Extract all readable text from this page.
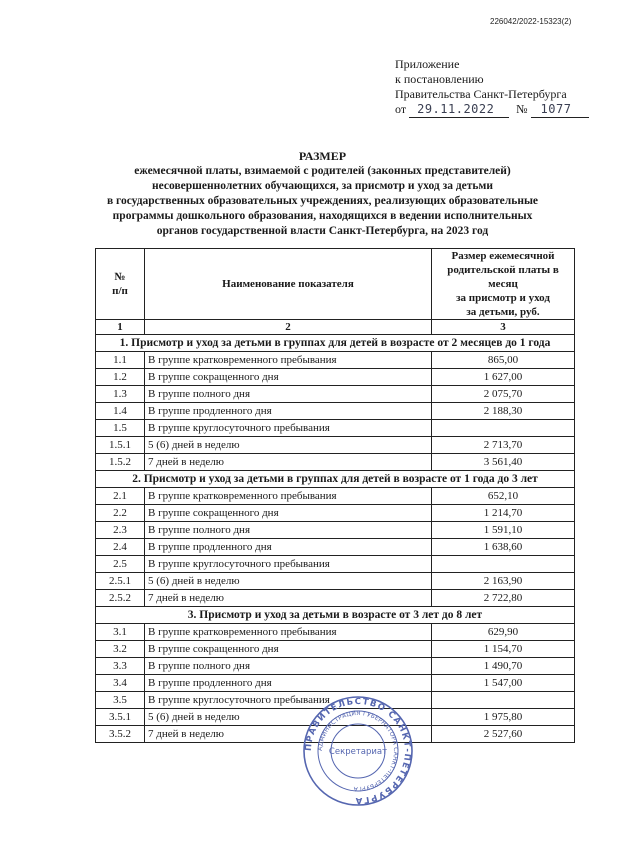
226042/2022-15323(2)
Приложение
к постановлению
Правительства Санкт-Петербурга
от 29.11.2022 № 1077
РАЗМЕР
ежемесячной платы, взимаемой с родителей (законных представителей)
несовершеннолетних обучающихся, за присмотр и уход за детьми
в государственных образовательных учреждениях, реализующих образовательные
программы дошкольного образования, находящихся в ведении исполнительных
органов государственной власти Санкт-Петербурга, на 2023 год
№
п/п	Наименование показателя	Размер ежемесячной
родительской платы в месяц
за присмотр и уход
за детьми, руб.
1	2	3
1. Присмотр и уход за детьми в группах для детей в возрасте от 2 месяцев до 1 года		
1.1	В группе кратковременного пребывания	865,00
1.2	В группе сокращенного дня	1 627,00
1.3	В группе полного дня	2 075,70
1.4	В группе продленного дня	2 188,30
1.5	В группе круглосуточного пребывания	
1.5.1	5 (6) дней в неделю	2 713,70
1.5.2	7 дней в неделю	3 561,40
2. Присмотр и уход за детьми в группах для детей в возрасте от 1 года до 3 лет		
2.1	В группе кратковременного пребывания	652,10
2.2	В группе сокращенного дня	1 214,70
2.3	В группе полного дня	1 591,10
2.4	В группе продленного дня	1 638,60
2.5	В группе круглосуточного пребывания	
2.5.1	5 (6) дней в неделю	2 163,90
2.5.2	7 дней в неделю	2 722,80
3. Присмотр и уход за детьми в возрасте от 3 лет до 8 лет		
3.1	В группе кратковременного пребывания	629,90
3.2	В группе сокращенного дня	1 154,70
3.3	В группе полного дня	1 490,70
3.4	В группе продленного дня	1 547,00
3.5	В группе круглосуточного пребывания	
3.5.1	5 (6) дней в неделю	1 975,80
3.5.2	7 дней в неделю	2 527,60
ПРАВИТЕЛЬСТВО САНКТ-ПЕТЕРБУРГА
АДМИНИСТРАЦИЯ ГУБЕРНАТОРА САНКТ-ПЕТЕРБУРГА
Секретариат
